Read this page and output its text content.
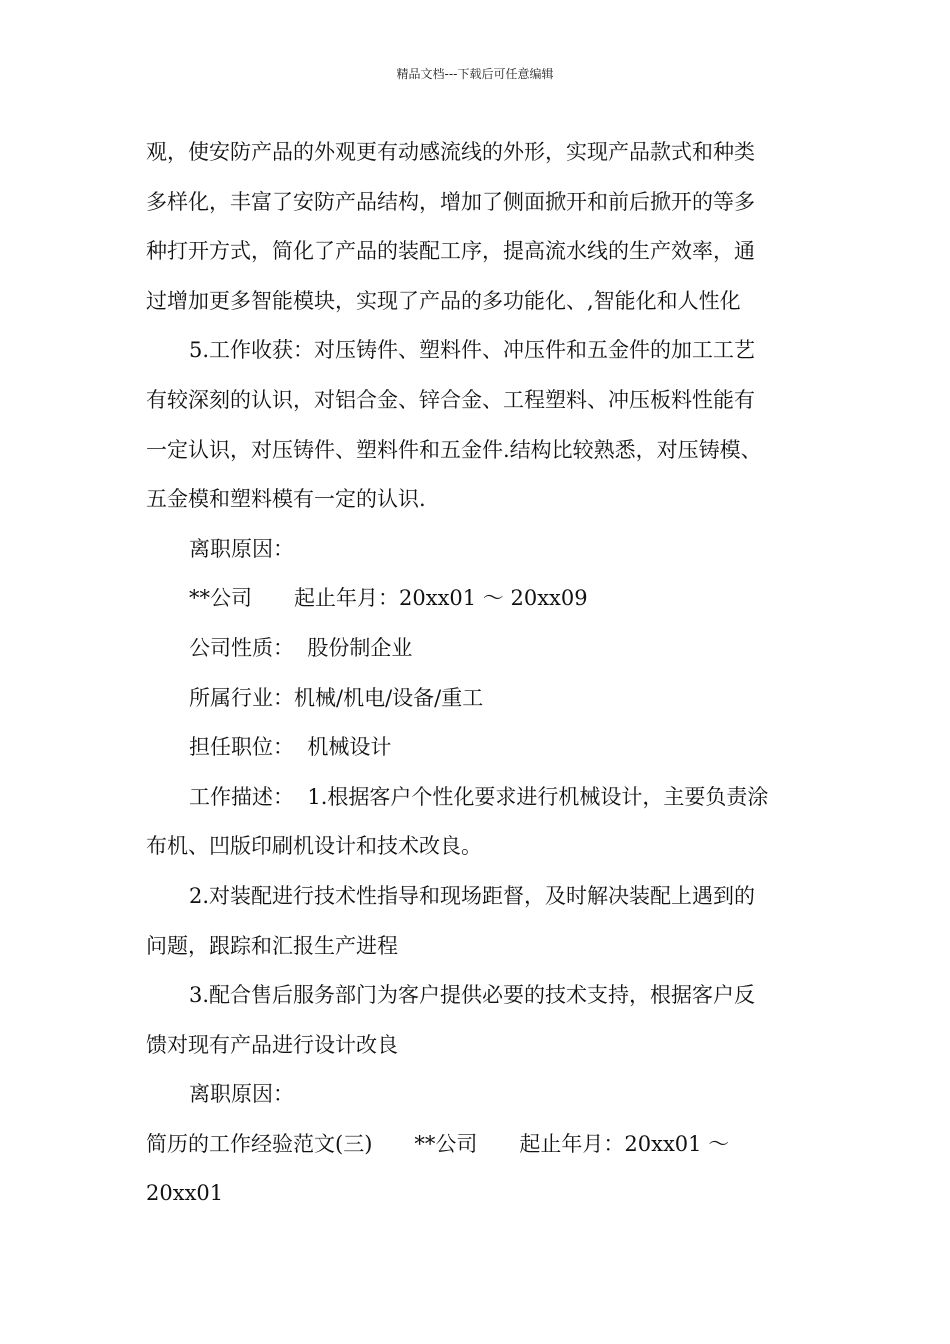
精品文档---下载后可任意编辑
观，使安防产品的外观更有动感流线的外形，实现产品款式和种类
多样化，丰富了安防产品结构，增加了侧面掀开和前后掀开的等多
种打开方式，简化了产品的装配工序，提高流水线的生产效率，通
过增加更多智能模块，实现了产品的多功能化、,智能化和人性化
5.工作收获：对压铸件、塑料件、冲压件和五金件的加工工艺
有较深刻的认识，对铝合金、锌合金、工程塑料、冲压板料性能有
一定认识，对压铸件、塑料件和五金件.结构比较熟悉，对压铸模、
五金模和塑料模有一定的认识.
离职原因：
**公司　　起止年月：20xx01 ～ 20xx09
公司性质：  股份制企业
所属行业：机械/机电/设备/重工
担任职位：  机械设计
工作描述：  1.根据客户个性化要求进行机械设计，主要负责涂
布机、凹版印刷机设计和技术改良。
2.对装配进行技术性指导和现场距督，及时解决装配上遇到的
问题，跟踪和汇报生产进程
3.配合售后服务部门为客户提供必要的技术支持，根据客户反
馈对现有产品进行设计改良
离职原因：
简历的工作经验范文(三)　　**公司　　起止年月：20xx01 ～
20xx01
